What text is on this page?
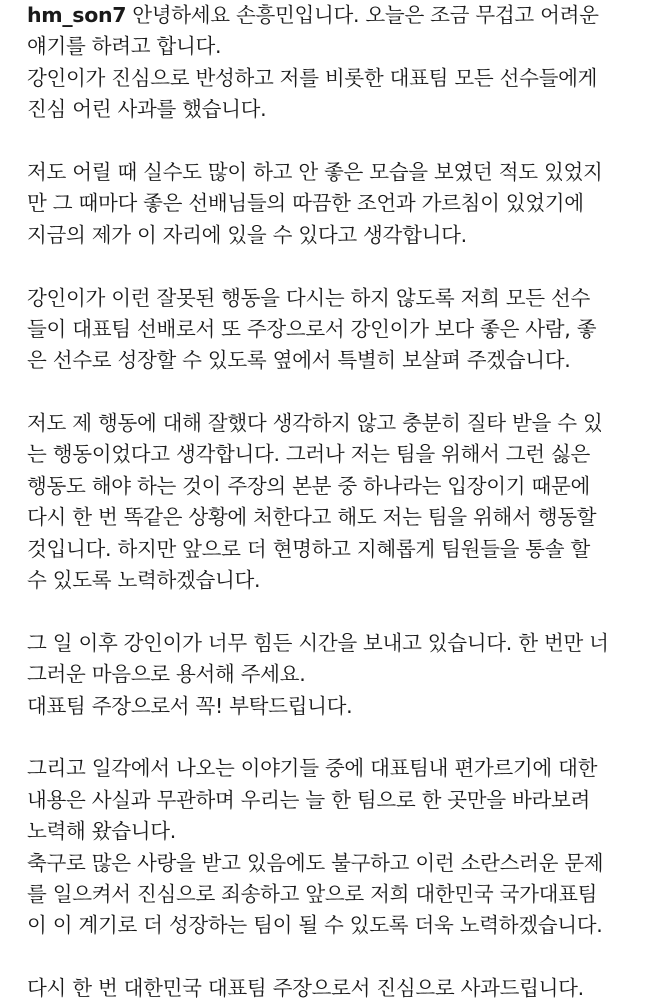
hm_son7 안녕하세요 손흥민입니다. 오늘은 조금 무겁고 어려운
얘기를 하려고 합니다.
강인이가 진심으로 반성하고 저를 비롯한 대표팀 모든 선수들에게
진심 어린 사과를 했습니다.
저도 어릴 때 실수도 많이 하고 안 좋은 모습을 보였던 적도 있었지
만 그 때마다 좋은 선배님들의 따끔한 조언과 가르침이 있었기에
지금의 제가 이 자리에 있을 수 있다고 생각합니다.
강인이가 이런 잘못된 행동을 다시는 하지 않도록 저희 모든 선수
들이 대표팀 선배로서 또 주장으로서 강인이가 보다 좋은 사람, 좋
은 선수로 성장할 수 있도록 옆에서 특별히 보살펴 주겠습니다.
저도 제 행동에 대해 잘했다 생각하지 않고 충분히 질타 받을 수 있
는 행동이었다고 생각합니다. 그러나 저는 팀을 위해서 그런 싫은
행동도 해야 하는 것이 주장의 본분 중 하나라는 입장이기 때문에
다시 한 번 똑같은 상황에 처한다고 해도 저는 팀을 위해서 행동할
것입니다. 하지만 앞으로 더 현명하고 지혜롭게 팀원들을 통솔 할
수 있도록 노력하겠습니다.
그 일 이후 강인이가 너무 힘든 시간을 보내고 있습니다. 한 번만 너
그러운 마음으로 용서해 주세요.
대표팀 주장으로서 꼭! 부탁드립니다.
그리고 일각에서 나오는 이야기들 중에 대표팀내 편가르기에 대한
내용은 사실과 무관하며 우리는 늘 한 팀으로 한 곳만을 바라보려
노력해 왔습니다.
축구로 많은 사랑을 받고 있음에도 불구하고 이런 소란스러운 문제
를 일으켜서 진심으로 죄송하고 앞으로 저희 대한민국 국가대표팀
이 이 계기로 더 성장하는 팀이 될 수 있도록 더욱 노력하겠습니다.
다시 한 번 대한민국 대표팀 주장으로서 진심으로 사과드립니다.
